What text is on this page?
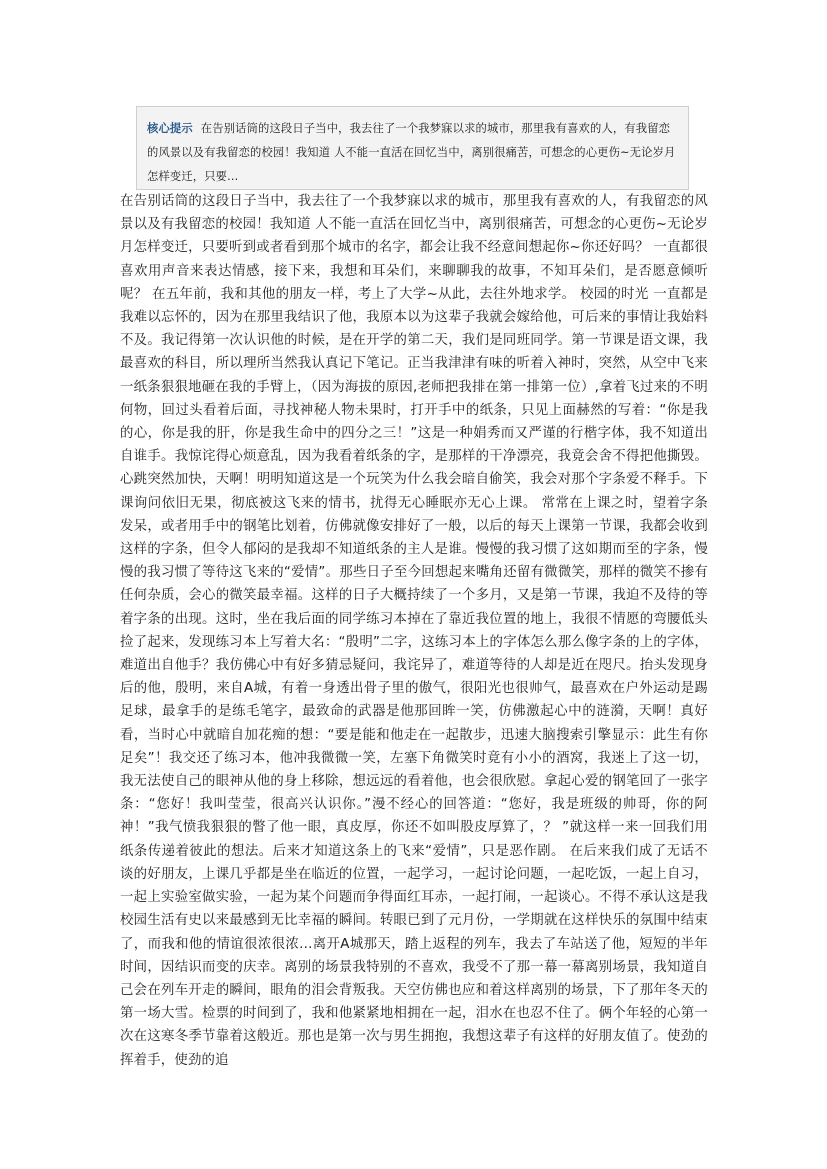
核心提示 在告别话筒的这段日子当中，我去往了一个我梦寐以求的城市，那里我有喜欢的人，有我留恋的风景以及有我留恋的校园！我知道 人不能一直活在回忆当中，离别很痛苦，可想念的心更伤~无论岁月怎样变迁，只要...

在告别话筒的这段日子当中，我去往了一个我梦寐以求的城市，那里我有喜欢的人，有我留恋的风景以及有我留恋的校园！我知道 人不能一直活在回忆当中，离别很痛苦，可想念的心更伤~无论岁月怎样变迁，只要听到或者看到那个城市的名字，都会让我不经意间想起你~你还好吗？ 一直都很喜欢用声音来表达情感，接下来，我想和耳朵们，来聊聊我的故事，不知耳朵们，是否愿意倾听呢？ 在五年前，我和其他的朋友一样，考上了大学~从此，去往外地求学。 校园的时光 一直都是我难以忘怀的，因为在那里我结识了他，我原本以为这辈子我就会嫁给他，可后来的事情让我始料不及。我记得第一次认识他的时候，是在开学的第二天，我们是同班同学。第一节课是语文课，我最喜欢的科目，所以理所当然我认真记下笔记。正当我津津有味的听着入神时，突然，从空中飞来一纸条狠狠地砸在我的手臂上，（因为海拔的原因,老师把我排在第一排第一位）,拿着飞过来的不明何物，回过头看着后面，寻找神秘人物未果时，打开手中的纸条，只见上面赫然的写着：“你是我的心，你是我的肝，你是我生命中的四分之三！”这是一种娟秀而又严谨的行楷字体，我不知道出自谁手。我惊诧得心烦意乱，因为我看着纸条的字，是那样的干净漂亮，我竟会舍不得把他撕毁。心跳突然加快，天啊！明明知道这是一个玩笑为什么我会暗自偷笑，我会对那个字条爱不释手。下课询问依旧无果，彻底被这飞来的情书，扰得无心睡眠亦无心上课。 常常在上课之时，望着字条发呆，或者用手中的钢笔比划着，仿佛就像安排好了一般，以后的每天上课第一节课，我都会收到这样的字条，但令人郁闷的是我却不知道纸条的主人是谁。慢慢的我习惯了这如期而至的字条，慢慢的我习惯了等待这飞来的“爱情”。那些日子至今回想起来嘴角还留有微微笑，那样的微笑不掺有任何杂质，会心的微笑最幸福。这样的日子大概持续了一个多月，又是第一节课，我迫不及待的等着字条的出现。这时，坐在我后面的同学练习本掉在了靠近我位置的地上，我很不情愿的弯腰低头捡了起来，发现练习本上写着大名：“殷明”二字，这练习本上的字体怎么那么像字条的上的字体，难道出自他手？我仿佛心中有好多猜忌疑问，我诧异了，难道等待的人却是近在咫尺。抬头发现身后的他，殷明，来自A城，有着一身透出骨子里的傲气，很阳光也很帅气，最喜欢在户外运动是踢足球，最拿手的是练毛笔字，最致命的武器是他那回眸一笑，仿佛激起心中的涟漪，天啊！真好看，当时心中就暗自加花痴的想：“要是能和他走在一起散步，迅速大脑搜索引擎显示：此生有你足矣”！我交还了练习本，他冲我微微一笑，左塞下角微笑时竟有小小的酒窝，我迷上了这一切，我无法使自己的眼神从他的身上移除，想远远的看着他，也会很欣慰。拿起心爱的钢笔回了一张字条：“您好！我叫莹莹，很高兴认识你。”漫不经心的回答道：“您好，我是班级的帅哥，你的阿神！”我气愤我狠狠的瞥了他一眼，真皮厚，你还不如叫股皮厚算了，？ ”就这样一来一回我们用纸条传递着彼此的想法。后来才知道这条上的飞来“爱情”，只是恶作剧。 在后来我们成了无话不谈的好朋友，上课几乎都是坐在临近的位置，一起学习，一起讨论问题，一起吃饭，一起上自习，一起上实验室做实验，一起为某个问题而争得面红耳赤，一起打闹，一起谈心。不得不承认这是我校园生活有史以来最感到无比幸福的瞬间。转眼已到了元月份，一学期就在这样快乐的氛围中结束了，而我和他的情谊很浓很浓...离开A城那天，踏上返程的列车，我去了车站送了他，短短的半年时间，因结识而变的庆幸。离别的场景我特别的不喜欢，我受不了那一幕一幕离别场景，我知道自己会在列车开走的瞬间，眼角的泪会背叛我。天空仿佛也应和着这样离别的场景，下了那年冬天的第一场大雪。检票的时间到了，我和他紧紧地相拥在一起，泪水在也忍不住了。俩个年轻的心第一次在这寒冬季节靠着这般近。那也是第一次与男生拥抱，我想这辈子有这样的好朋友值了。使劲的挥着手，使劲的追
